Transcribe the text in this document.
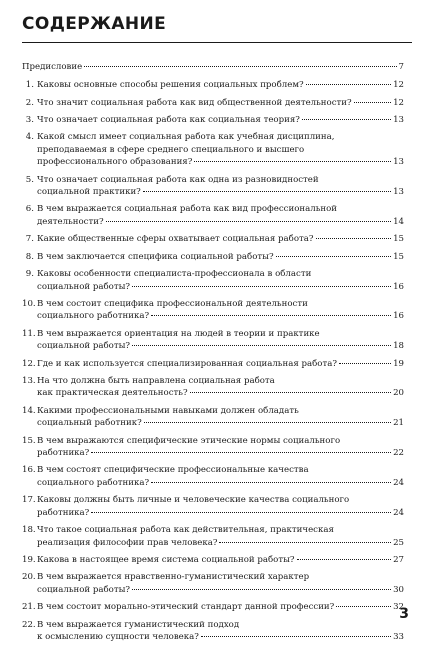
СОДЕРЖАНИЕ
Предисловие	7
1. Каковы основные способы решения социальных проблем?	12
2. Что значит социальная работа как вид общественной деятельности?	12
3. Что означает социальная работа как социальная теория?	13
4. Какой смысл имеет социальная работа как учебная дисциплина,
преподаваемая в сфере среднего специального и высшего
профессионального образования?	13
5. Что означает социальная работа как одна из разновидностей
социальной практики?	13
6. В чем выражается социальная работа как вид профессиональной
деятельности?	14
7. Какие общественные сферы охватывает социальная работа?	15
8. В чем заключается специфика социальной работы?	15
9. Каковы особенности специалиста-профессионала в области
социальной работы?	16
10. В чем состоит специфика профессиональной деятельности
социального работника?	16
11. В чем выражается ориентация на людей в теории и практике
социальной работы?	18
12. Где и как используется специализированная социальная работа?	19
13. На что должна быть направлена социальная работа
как практическая деятельность?	20
14. Какими профессиональными навыками должен обладать
социальный работник?	21
15. В чем выражаются специфические этические нормы социального
работника?	22
16. В чем состоят специфические профессиональные качества
социального работника?	24
17. Каковы должны быть личные и человеческие качества социального
работника?	24
18. Что такое социальная работа как действительная, практическая
реализация философии прав человека?	25
19. Какова в настоящее время система социальной работы?	27
20. В чем выражается нравственно-гуманистический характер
социальной работы?	30
21. В чем состоит морально-этический стандарт данной профессии?	32
22. В чем выражается гуманистический подход
к осмыслению сущности человека?	33
3
